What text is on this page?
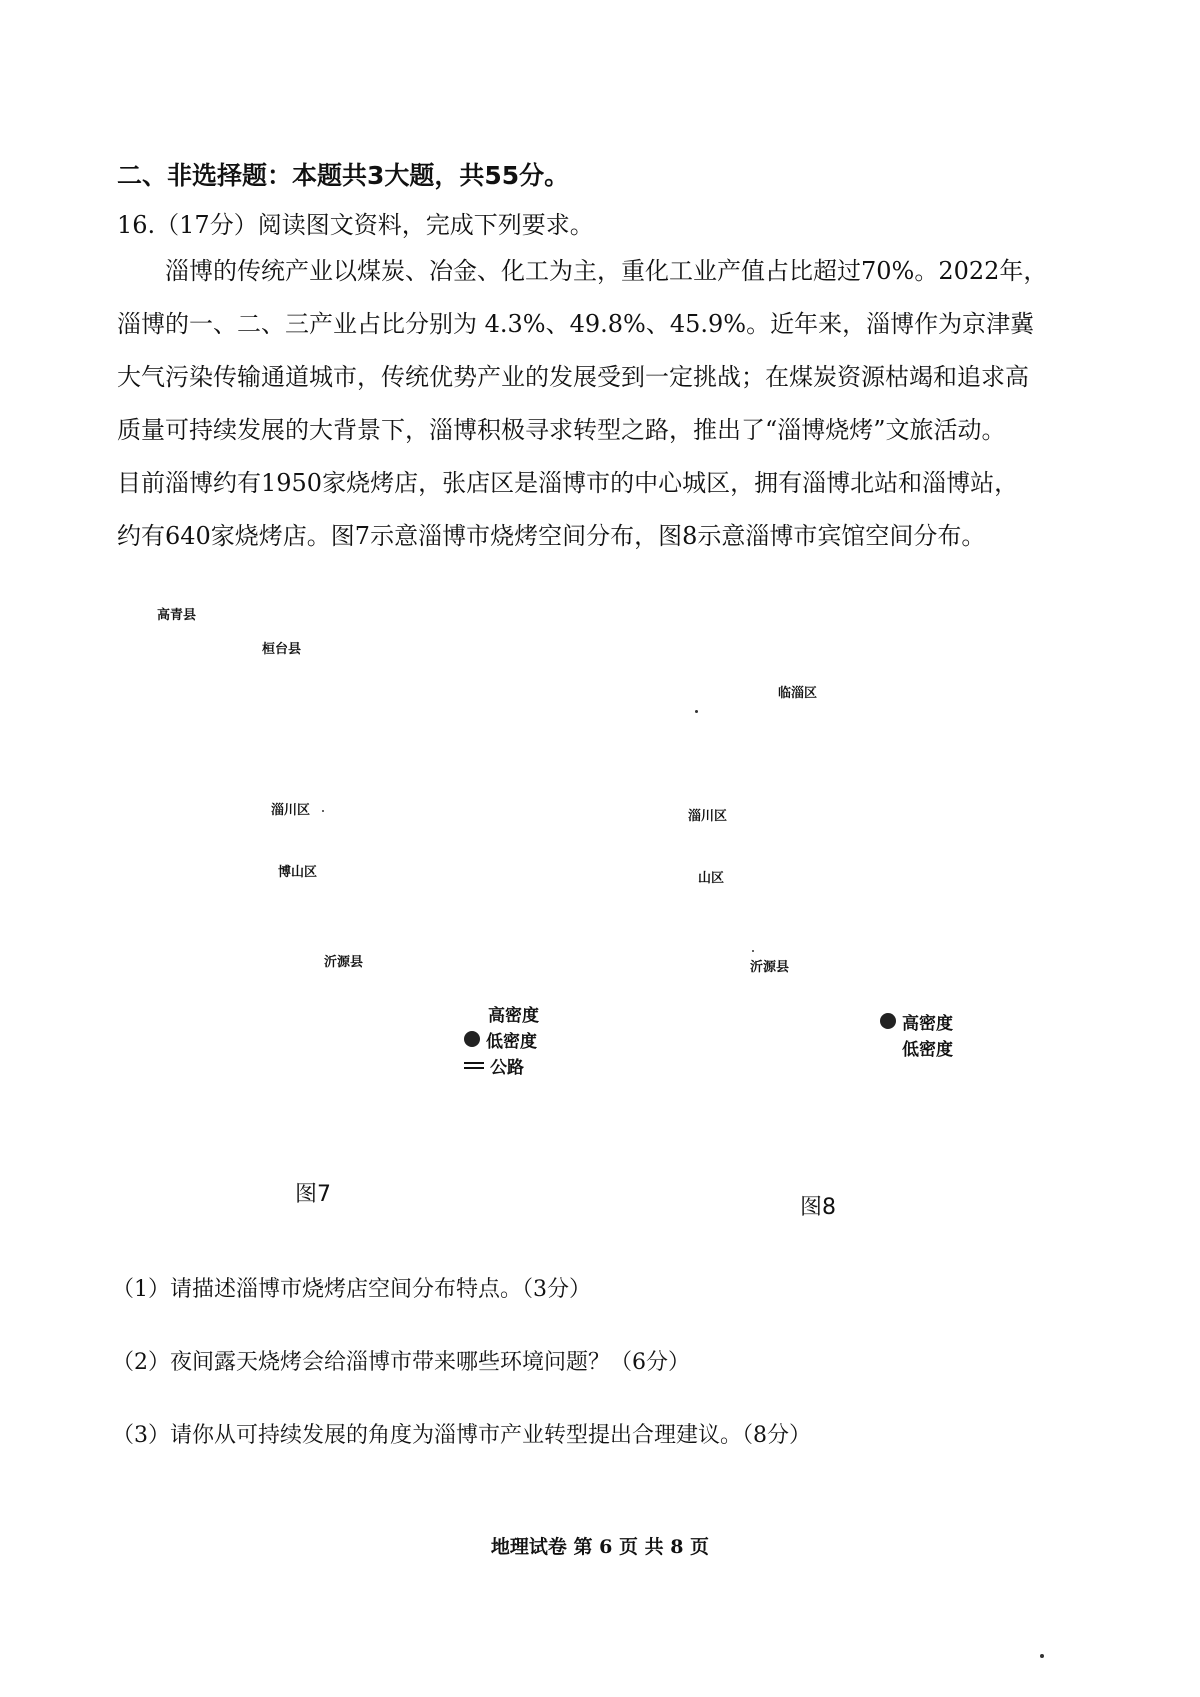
二、非选择题：本题共3大题，共55分。
16.（17分）阅读图文资料，完成下列要求。

淄博的传统产业以煤炭、冶金、化工为主，重化工业产值占比超过70%。2022年，

淄博的一、二、三产业占比分别为 4.3%、49.8%、45.9%。近年来，淄博作为京津冀

大气污染传输通道城市，传统优势产业的发展受到一定挑战；在煤炭资源枯竭和追求高

质量可持续发展的大背景下，淄博积极寻求转型之路，推出了“淄博烧烤”文旅活动。

目前淄博约有1950家烧烤店，张店区是淄博市的中心城区，拥有淄博北站和淄博站，

约有640家烧烤店。图7示意淄博市烧烤空间分布，图8示意淄博市宾馆空间分布。

高青县
桓台县
淄川区
博山区
沂源县
高密度
低密度
公路
图7
临淄区
淄川区
山区
沂源县
高密度
低密度
图8
（1）请描述淄博市烧烤店空间分布特点。（3分）
（2）夜间露天烧烤会给淄博市带来哪些环境问题？（6分）
（3）请你从可持续发展的角度为淄博市产业转型提出合理建议。（8分）
地理试卷 第 6 页 共 8 页
